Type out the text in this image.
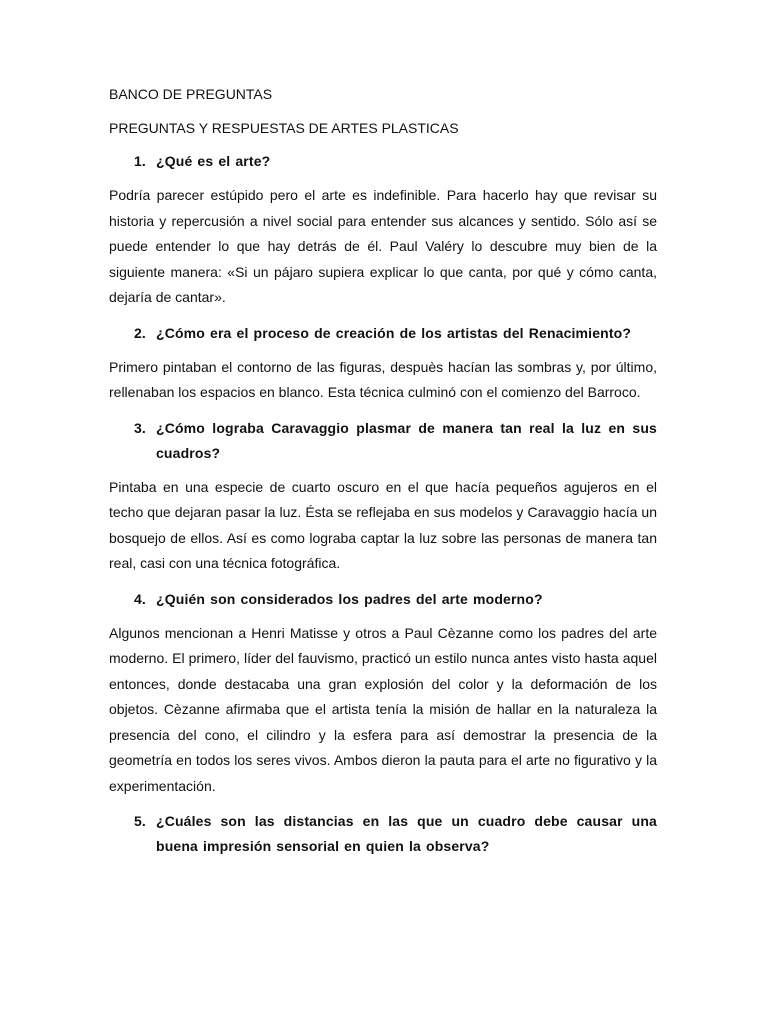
BANCO DE PREGUNTAS

PREGUNTAS Y RESPUESTAS DE ARTES PLASTICAS

1. ¿Qué es el arte?

Podría parecer estúpido pero el arte es indefinible. Para hacerlo hay que revisar su historia y repercusión a nivel social para entender sus alcances y sentido. Sólo así se puede entender lo que hay detrás de él. Paul Valéry lo descubre muy bien de la siguiente manera: «Si un pájaro supiera explicar lo que canta, por qué y cómo canta, dejaría de cantar».

2. ¿Cómo era el proceso de creación de los artistas del Renacimiento?

Primero pintaban el contorno de las figuras, despuès hacían las sombras y, por último, rellenaban los espacios en blanco. Esta técnica culminó con el comienzo del Barroco.

3. ¿Cómo lograba Caravaggio plasmar de manera tan real la luz en sus cuadros?

Pintaba en una especie de cuarto oscuro en el que hacía pequeños agujeros en el techo que dejaran pasar la luz. Ésta se reflejaba en sus modelos y Caravaggio hacía un bosquejo de ellos. Así es como lograba captar la luz sobre las personas de manera tan real, casi con una técnica fotográfica.

4. ¿Quién son considerados los padres del arte moderno?

Algunos mencionan a Henri Matisse y otros a Paul Cèzanne como los padres del arte moderno. El primero, líder del fauvismo, practicó un estilo nunca antes visto hasta aquel entonces, donde destacaba una gran explosión del color y la deformación de los objetos. Cèzanne afirmaba que el artista tenía la misión de hallar en la naturaleza la presencia del cono, el cilindro y la esfera para así demostrar la presencia de la geometría en todos los seres vivos. Ambos dieron la pauta para el arte no figurativo y la experimentación.

5. ¿Cuáles son las distancias en las que un cuadro debe causar una buena impresión sensorial en quien la observa?
